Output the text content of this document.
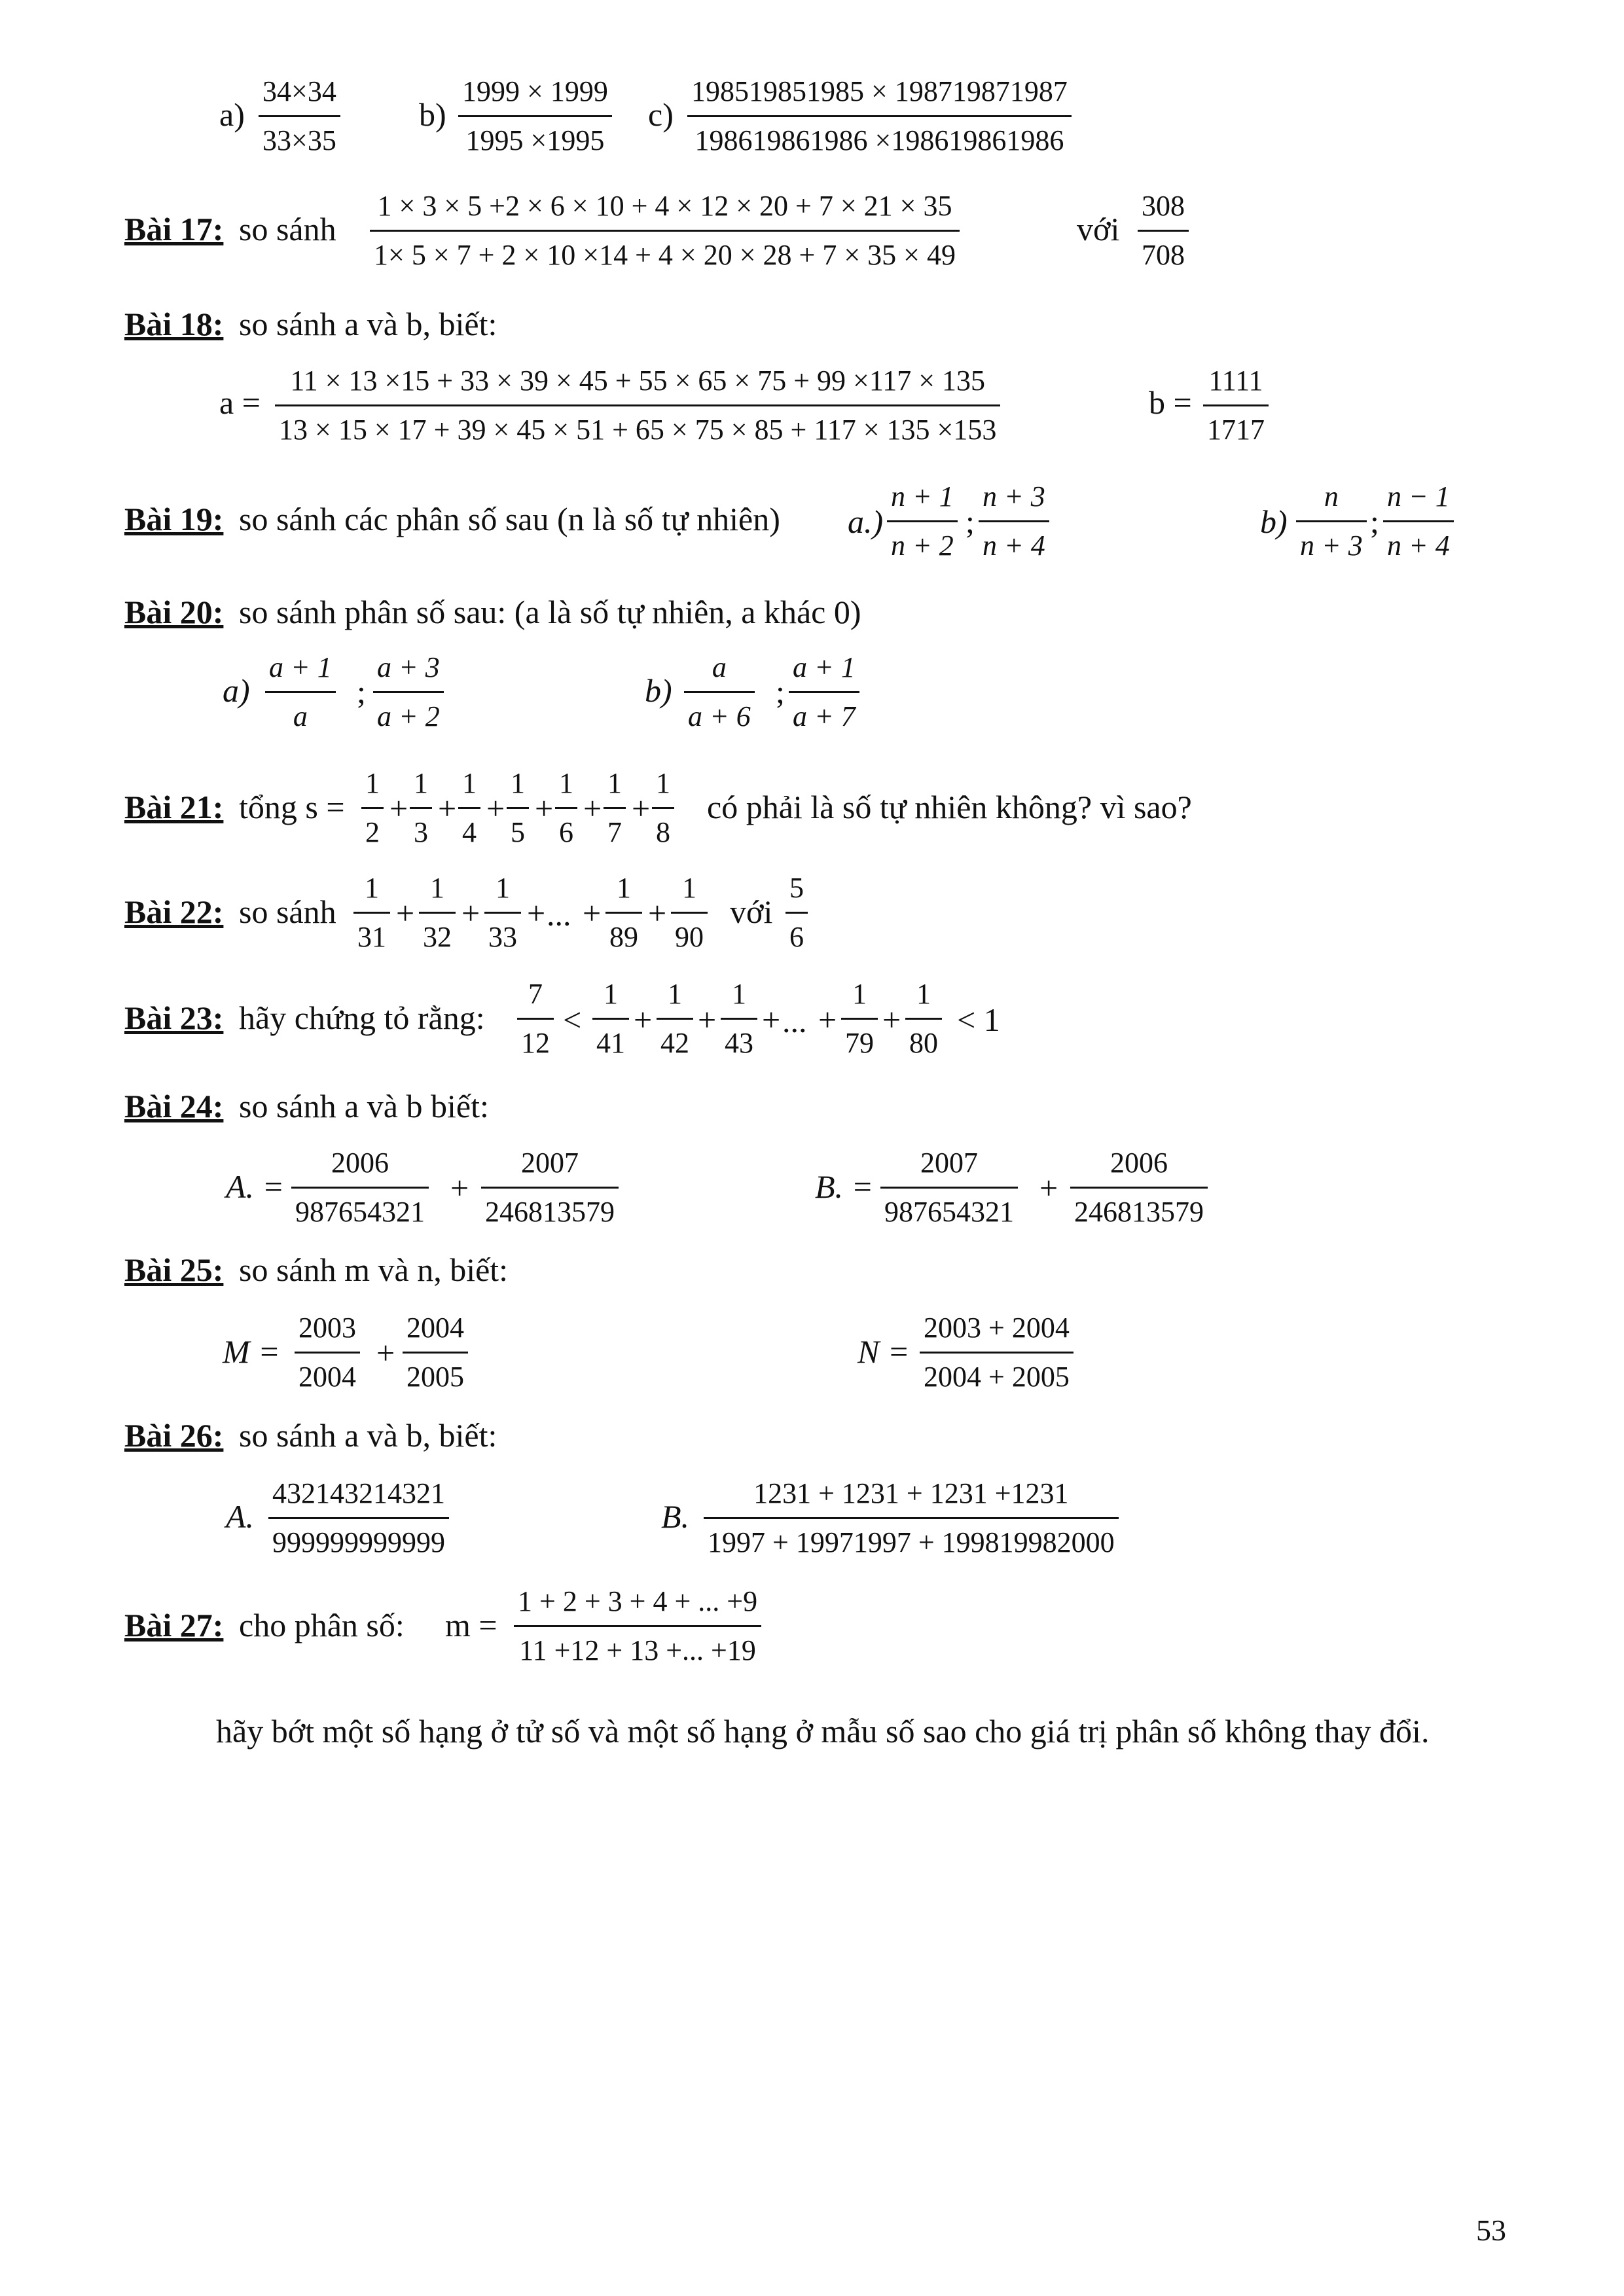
$a) \frac{34\times 34}{33\times 35} b) \frac{1999 \times 1999}{1995 \times 1995} c) \frac{198519851985 \times 198719871987}{198619861986 \times 198619861986}$
Bài 17: so sánh $\frac{1 \times 3 \times 5 +2 \times 6 \times 10 + 4 \times 12 \times 20 + 7 \times 21 \times 35}{1\times 5 \times 7 + 2 \times 10 \times 14 + 4 \times 20 \times 28 + 7 \times 35 \times 49}$	với $\frac{308}{708}$
Bài 18: so sánh a và b, biết:
$a = \frac{11 \times 13 \times 15 + 33 \times 39 \times 45 + 55 \times 65 \times 75 + 99 \times 117 \times 135}{13 \times 15 \times 17 + 39 \times 45 \times 51 + 65 \times 75 \times 85 + 117 \times 135 \times 153}$	$b = \frac{1111}{1717}$
Bài 19: so sánh các phân số sau (n là số tự nhiên) $a.) \frac{n + 1}{n + 2}$ ; $\frac{n + 3}{n + 4}$	$b) \frac{n}{n + 3}$ ; $\frac{n - 1}{n + 4}$
Bài 20: so sánh phân số sau: (a là số tự nhiên, a khác 0)
$a) \frac{a + 1}{a}$ ; $\frac{a + 3}{a + 2}$	$b) \frac{a}{a + 6}$ ; $\frac{a + 1}{a + 7}$
Bài 21: tổng $s = \frac{1}{2} + \frac{1}{3} + \frac{1}{4} + \frac{1}{5} + \frac{1}{6} + \frac{1}{7} + \frac{1}{8}$ có phải là số tự nhiên không? vì sao?
Bài 22: so sánh $\frac{1}{31} + \frac{1}{32} + \frac{1}{33}$ + ... + $\frac{1}{89} + \frac{1}{90}$ với $\frac{5}{6}$
Bài 23: hãy chứng tỏ rằng: $\frac{7}{12} < \frac{1}{41} + \frac{1}{42} + \frac{1}{43}$ + ... + $\frac{1}{79} + \frac{1}{80} < 1$
Bài 24: so sánh a và b biết:
A. = $\frac{2006}{987654321} + \frac{2007}{246813579}$	B. = $\frac{2007}{987654321} + \frac{2006}{246813579}$
Bài 25: so sánh m và n, biết:
$M = \frac{2003}{2004} + \frac{2004}{2005}$	$N = \frac{2003 + 2004}{2004 + 2005}$
Bài 26: so sánh a và b, biết:
A. $\frac{432143214321}{999999999999}$	B. $\frac{1231 + 1231 + 1231 +1231}{1997 + 19971997 + 199819982000}$
Bài 27: cho phân số: $m = \frac{1 + 2 + 3 + 4 + ... +9}{11 +12 + 13 +... +19}$
hãy bớt một số hạng ở tử số và một số hạng ở mẫu số sao cho giá trị phân số không thay đổi.
53
